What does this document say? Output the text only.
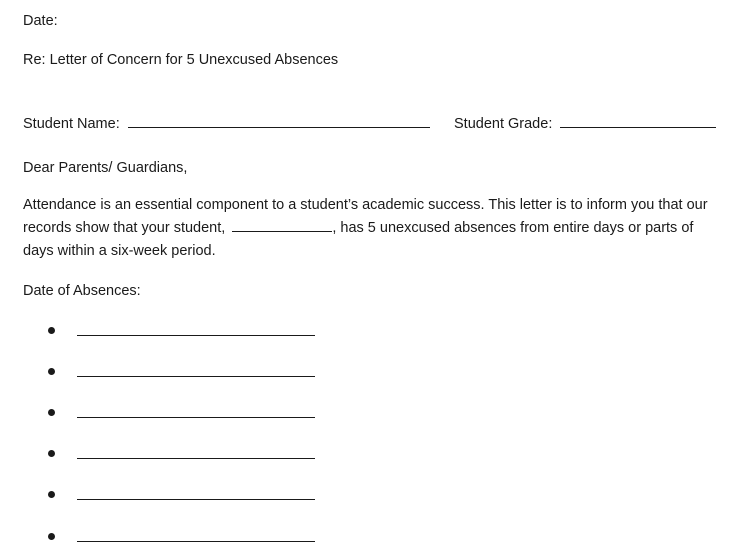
Date:
Re: Letter of Concern for 5 Unexcused Absences
Student Name:	Student Grade:
Dear Parents/ Guardians,
Attendance is an essential component to a student’s academic success. This letter is to inform you that our records show that your student,	, has 5 unexcused absences from entire days or parts of days within a six-week period.
Date of Absences:
